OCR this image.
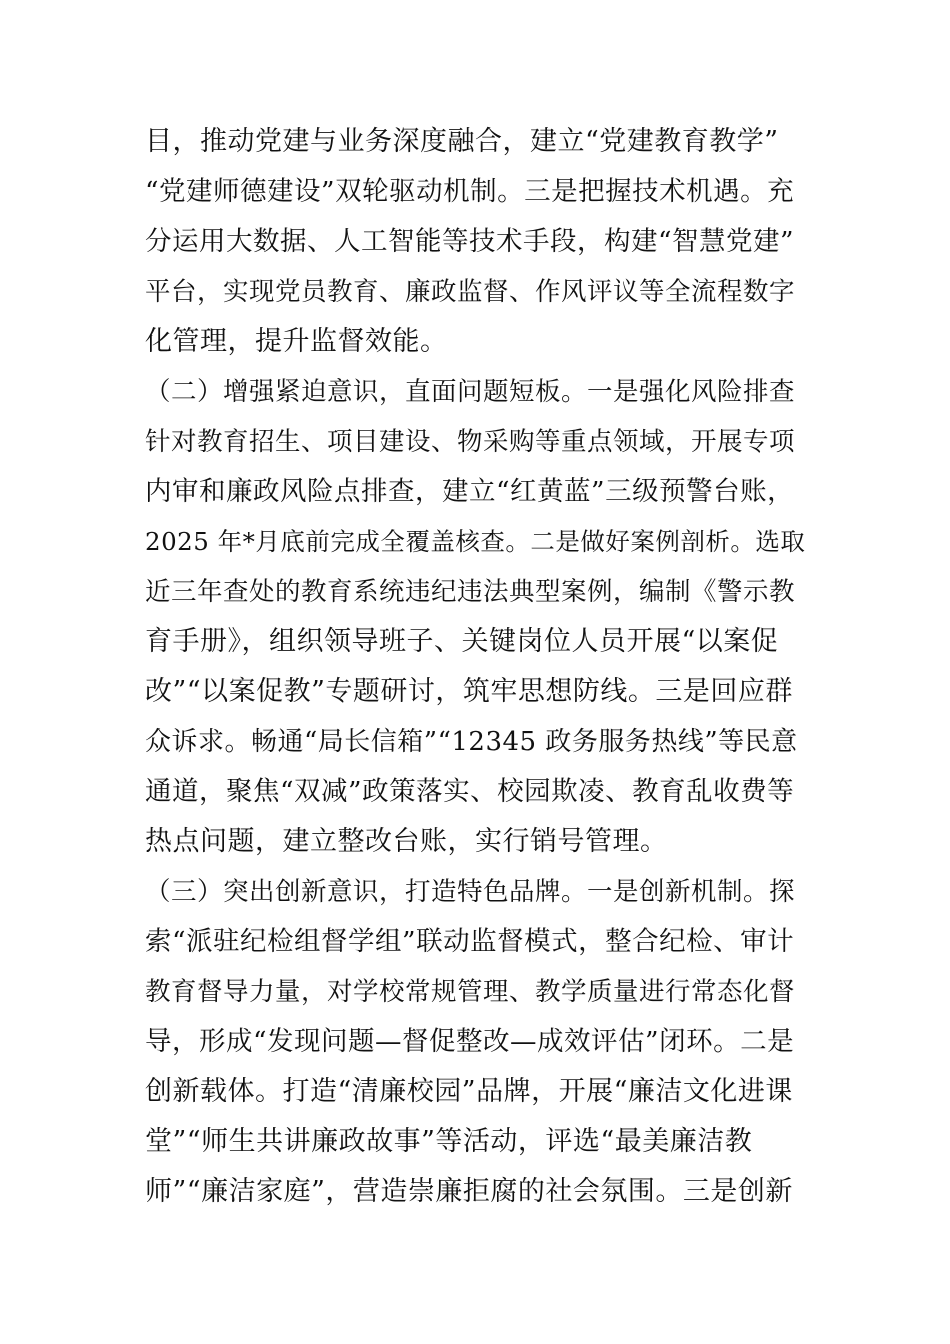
目，推动党建与业务深度融合，建立“党建教育教学”
“党建师德建设”双轮驱动机制。三是把握技术机遇。充
分运用大数据、人工智能等技术手段，构建“智慧党建”
平台，实现党员教育、廉政监督、作风评议等全流程数字
化管理，提升监督效能。
（二）增强紧迫意识，直面问题短板。一是强化风险排查
针对教育招生、项目建设、物采购等重点领域，开展专项
内审和廉政风险点排查，建立“红黄蓝”三级预警台账，
2025 年*月底前完成全覆盖核查。二是做好案例剖析。选取
近三年查处的教育系统违纪违法典型案例，编制《警示教
育手册》，组织领导班子、关键岗位人员开展“以案促
改”“以案促教”专题研讨，筑牢思想防线。三是回应群
众诉求。畅通“局长信箱”“12345 政务服务热线”等民意
通道，聚焦“双减”政策落实、校园欺凌、教育乱收费等
热点问题，建立整改台账，实行销号管理。
（三）突出创新意识，打造特色品牌。一是创新机制。探
索“派驻纪检组督学组”联动监督模式，整合纪检、审计
教育督导力量，对学校常规管理、教学质量进行常态化督
导，形成“发现问题—督促整改—成效评估”闭环。二是
创新载体。打造“清廉校园”品牌，开展“廉洁文化进课
堂”“师生共讲廉政故事”等活动，评选“最美廉洁教
师”“廉洁家庭”，营造崇廉拒腐的社会氛围。三是创新
